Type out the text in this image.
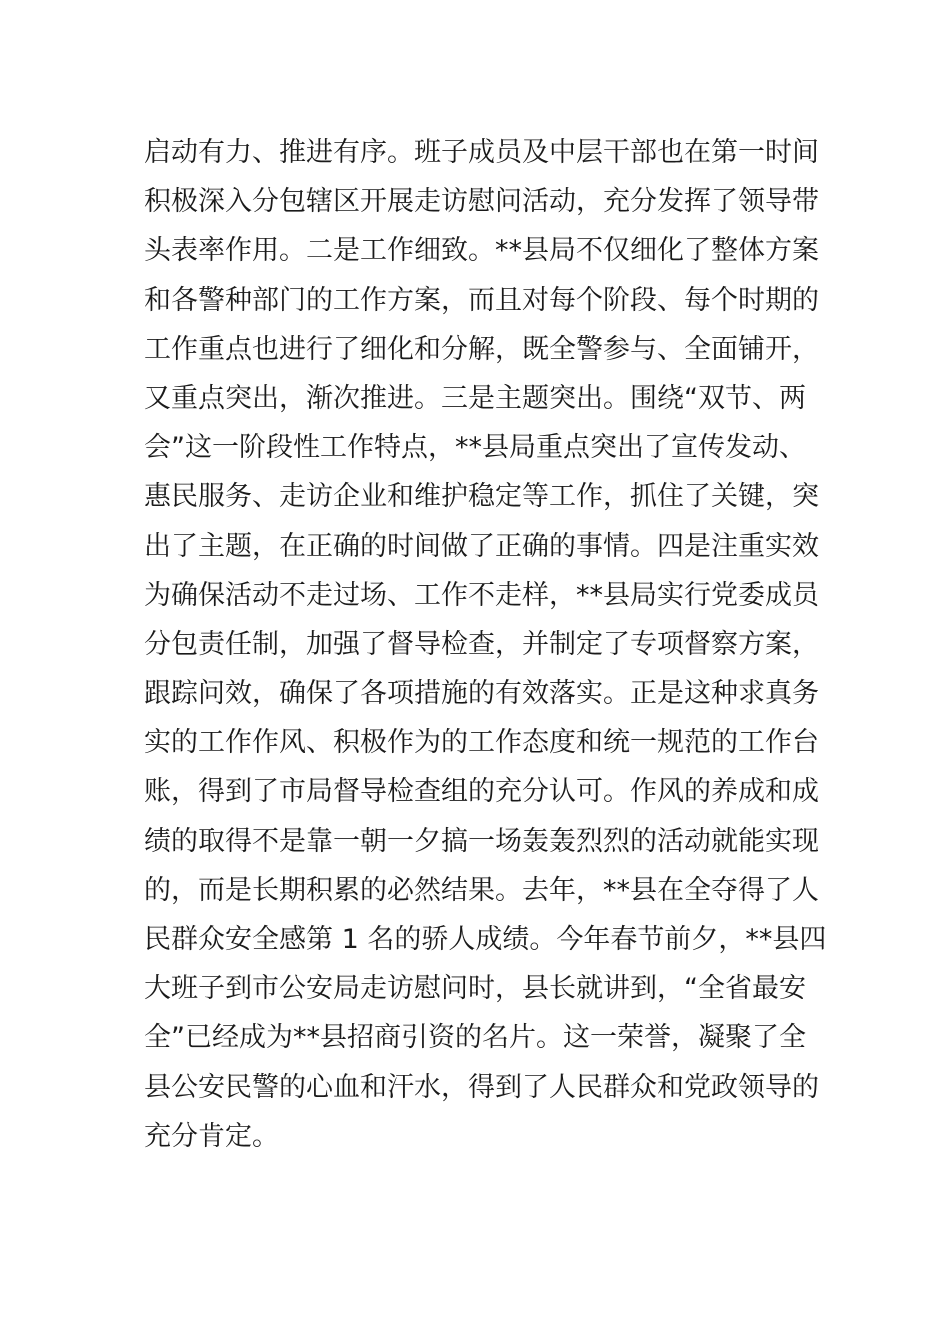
启动有力、推进有序。班子成员及中层干部也在第一时间
积极深入分包辖区开展走访慰问活动，充分发挥了领导带
头表率作用。二是工作细致。**县局不仅细化了整体方案
和各警种部门的工作方案，而且对每个阶段、每个时期的
工作重点也进行了细化和分解，既全警参与、全面铺开，
又重点突出，渐次推进。三是主题突出。围绕“双节、两
会”这一阶段性工作特点，**县局重点突出了宣传发动、
惠民服务、走访企业和维护稳定等工作，抓住了关键，突
出了主题，在正确的时间做了正确的事情。四是注重实效
为确保活动不走过场、工作不走样，**县局实行党委成员
分包责任制，加强了督导检查，并制定了专项督察方案，
跟踪问效，确保了各项措施的有效落实。正是这种求真务
实的工作作风、积极作为的工作态度和统一规范的工作台
账，得到了市局督导检查组的充分认可。作风的养成和成
绩的取得不是靠一朝一夕搞一场轰轰烈烈的活动就能实现
的，而是长期积累的必然结果。去年，**县在全夺得了人
民群众安全感第 1 名的骄人成绩。今年春节前夕，**县四
大班子到市公安局走访慰问时，县长就讲到，“全省最安
全”已经成为**县招商引资的名片。这一荣誉，凝聚了全
县公安民警的心血和汗水，得到了人民群众和党政领导的
充分肯定。
